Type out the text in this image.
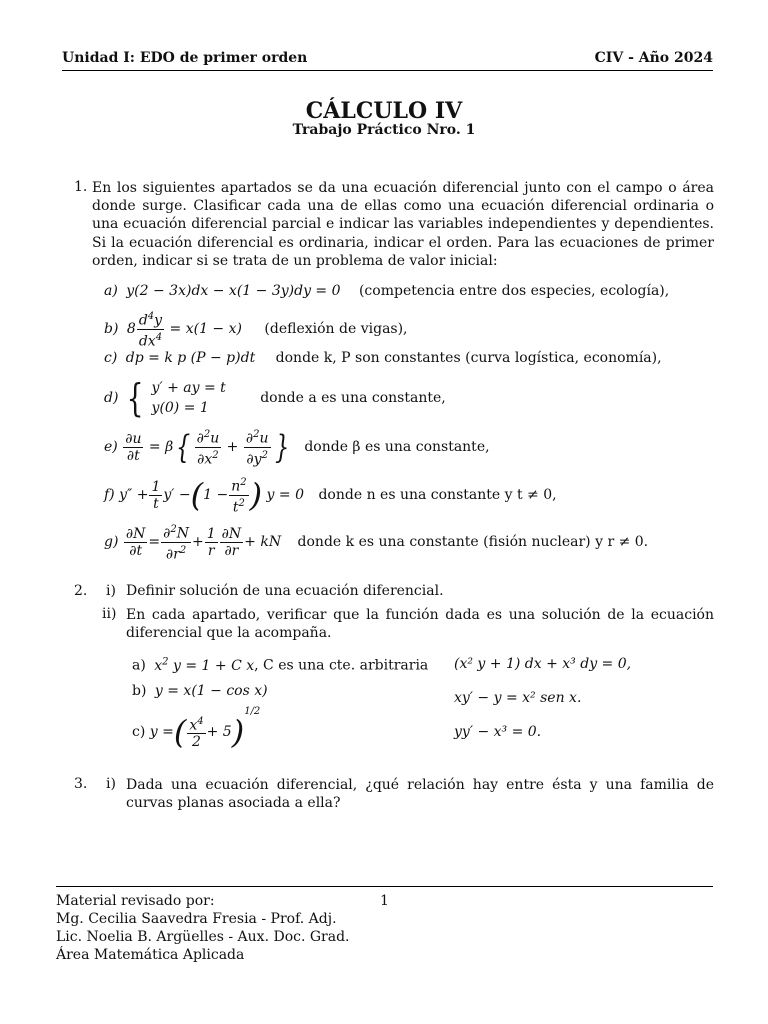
Unidad I: EDO de primer orden	CIV - Año 2024
CÁLCULO IV
Trabajo Práctico Nro. 1
1. En los siguientes apartados se da una ecuación diferencial junto con el campo o área donde surge. Clasificar cada una de ellas como una ecuación diferencial ordinaria o una ecuación diferencial parcial e indicar las variables independientes y dependientes. Si la ecuación diferencial es ordinaria, indicar el orden. Para las ecuaciones de primer orden, indicar si se trata de un problema de valor inicial:
a) y(2 − 3x)dx − x(1 − 3y)dy = 0 (competencia entre dos especies, ecología),
b) $8 \frac{d^4y}{dx^4} = x(1 - x)$ (deflexión de vigas),
c) dp = k p (P − p)dt donde k, P son constantes (curva logística, economía),
d) { y′ + ay = t
y(0) = 1
donde a es una constante,
$e) \frac{\partial u}{\partial t} = \beta\{ \frac{\partial^2u}{\partial x^2} + \frac{\partial^2u}{\partial y^2}$ } donde β es una constante,
f) $y'' + \frac{1}{t} y' -(1 - \frac{n^2}{t^2}$ ) y = 0 donde n es una constante y t ≠ 0,
$g) \frac{\partial N}{\partial t} = \frac{\partial^2N}{\partial r^2} + \frac{1}{r} \frac{\partial N}{\partial r}$ + kN donde k es una constante (fisión nuclear) y r ≠ 0.
2. i) Definir solución de una ecuación diferencial.
ii) En cada apartado, verificar que la función dada es una solución de la ecuación diferencial que la acompaña.
a) $x^2$ y = 1 + C x, C es una cte. arbitraria (x² y + 1) dx + x³ dy = 0,
b) y = x(1 − cos x)	xy′ − y = x² sen x.
c) y =( $\frac{x^4}{2} + 5)^{1/2}$
yy′ − x³ = 0.
3. i) Dada una ecuación diferencial, ¿qué relación hay entre ésta y una familia de curvas planas asociada a ella?
Material revisado por:
Mg. Cecilia Saavedra Fresia - Prof. Adj.
Lic. Noelia B. Argüelles - Aux. Doc. Grad.
Área Matemática Aplicada
1
